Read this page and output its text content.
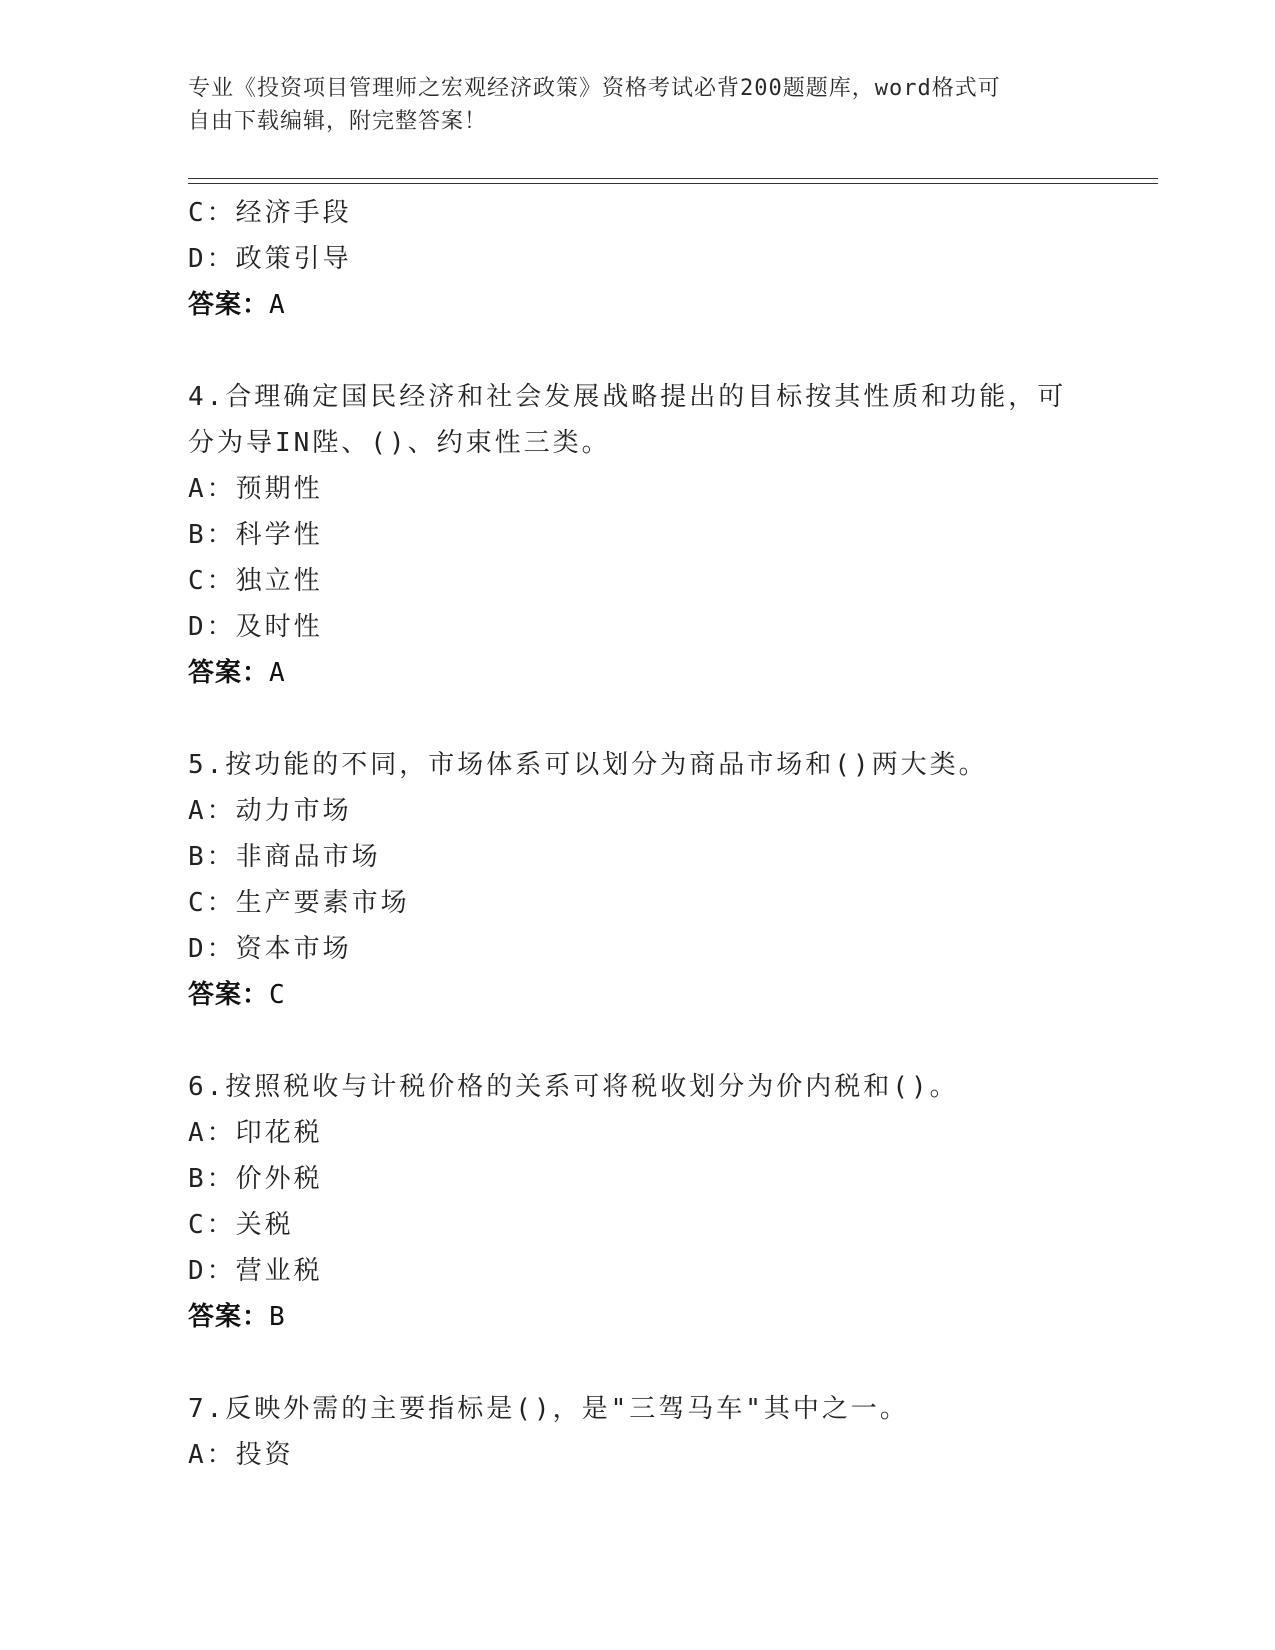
专业《投资项目管理师之宏观经济政策》资格考试必背200题题库，word格式可
自由下载编辑，附完整答案！
C：经济手段
D：政策引导
答案：A
4.合理确定国民经济和社会发展战略提出的目标按其性质和功能，可
分为导IN陛、()、约束性三类。
A：预期性
B：科学性
C：独立性
D：及时性
答案：A
5.按功能的不同，市场体系可以划分为商品市场和()两大类。
A：动力市场
B：非商品市场
C：生产要素市场
D：资本市场
答案：C
6.按照税收与计税价格的关系可将税收划分为价内税和()。
A：印花税
B：价外税
C：关税
D：营业税
答案：B
7.反映外需的主要指标是()，是"三驾马车"其中之一。
A：投资
